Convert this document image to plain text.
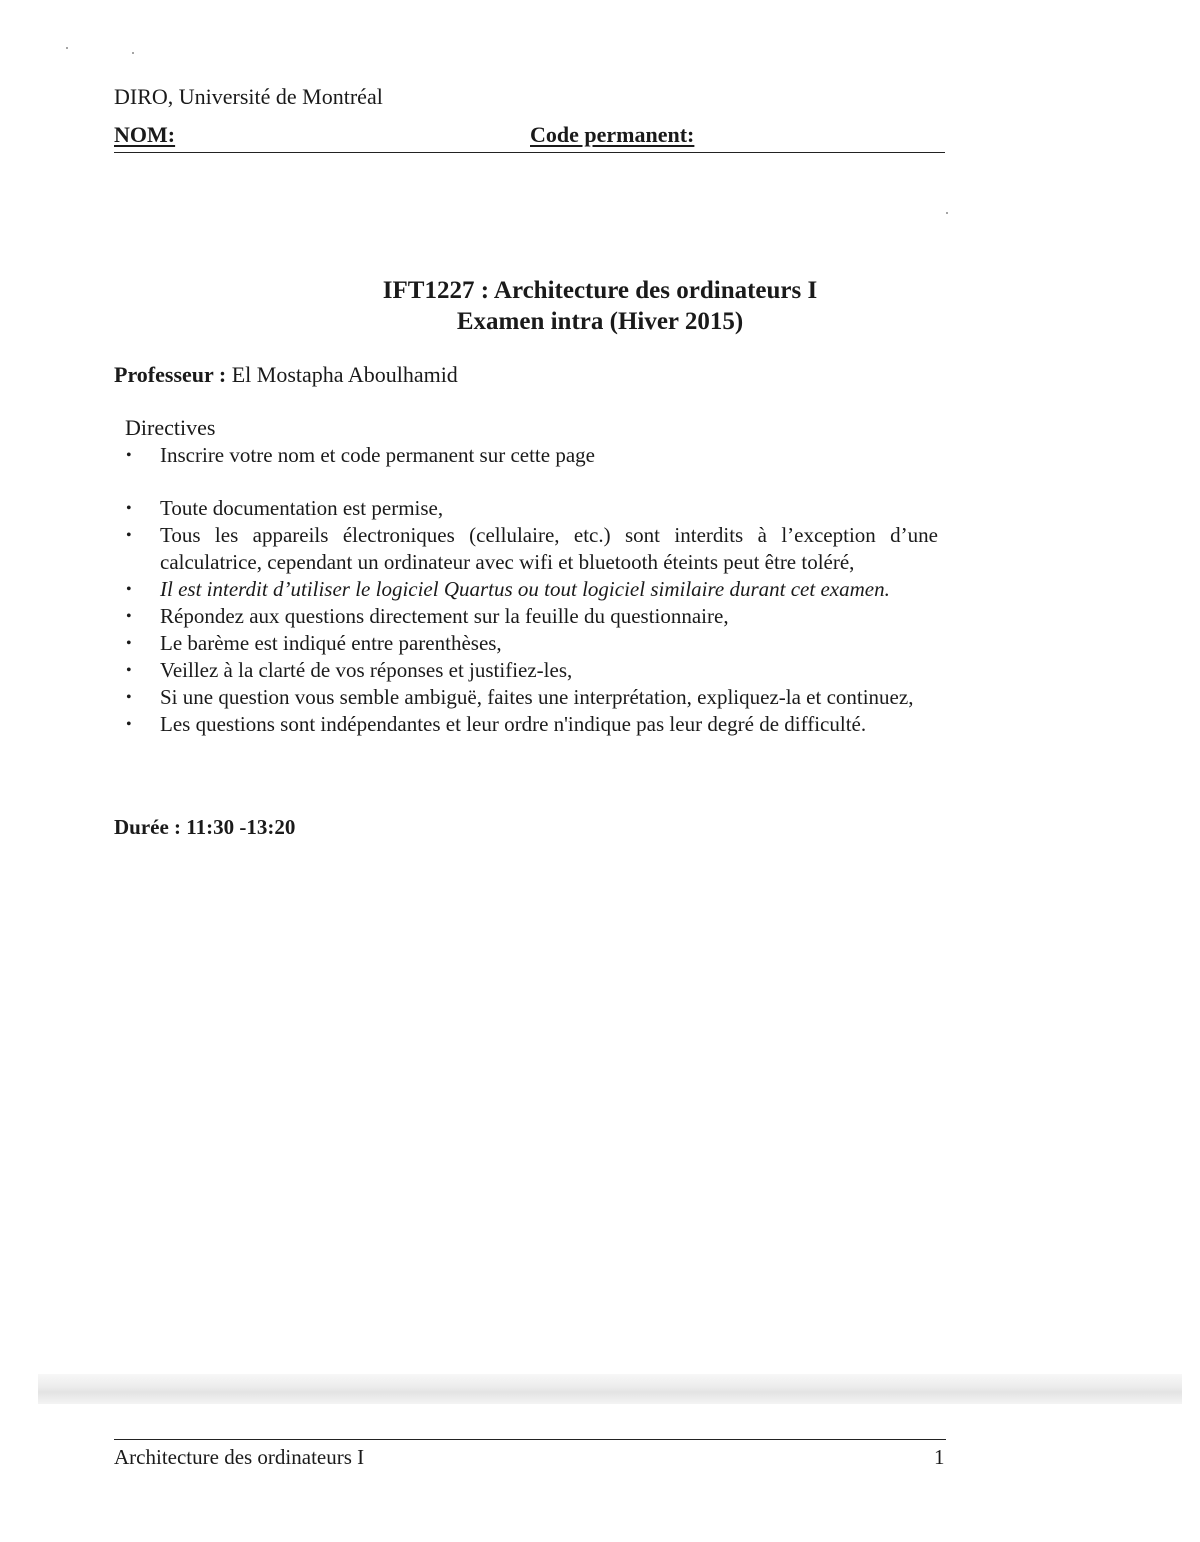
DIRO, Université de Montréal
NOM:	Code permanent:
IFT1227 : Architecture des ordinateurs I
Examen intra (Hiver 2015)
Professeur : El Mostapha Aboulhamid
Directives
• Inscrire votre nom et code permanent sur cette page
• Toute documentation est permise,
• Tous les appareils électroniques (cellulaire, etc.) sont interdits à l’exception d’une calculatrice, cependant un ordinateur avec wifi et bluetooth éteints peut être toléré,
• Il est interdit d’utiliser le logiciel Quartus ou tout logiciel similaire durant cet examen.
• Répondez aux questions directement sur la feuille du questionnaire,
• Le barème est indiqué entre parenthèses,
• Veillez à la clarté de vos réponses et justifiez-les,
• Si une question vous semble ambiguë, faites une interprétation, expliquez-la et continuez,
• Les questions sont indépendantes et leur ordre n'indique pas leur degré de difficulté.
Durée : 11:30 -13:20
Architecture des ordinateurs I	1
